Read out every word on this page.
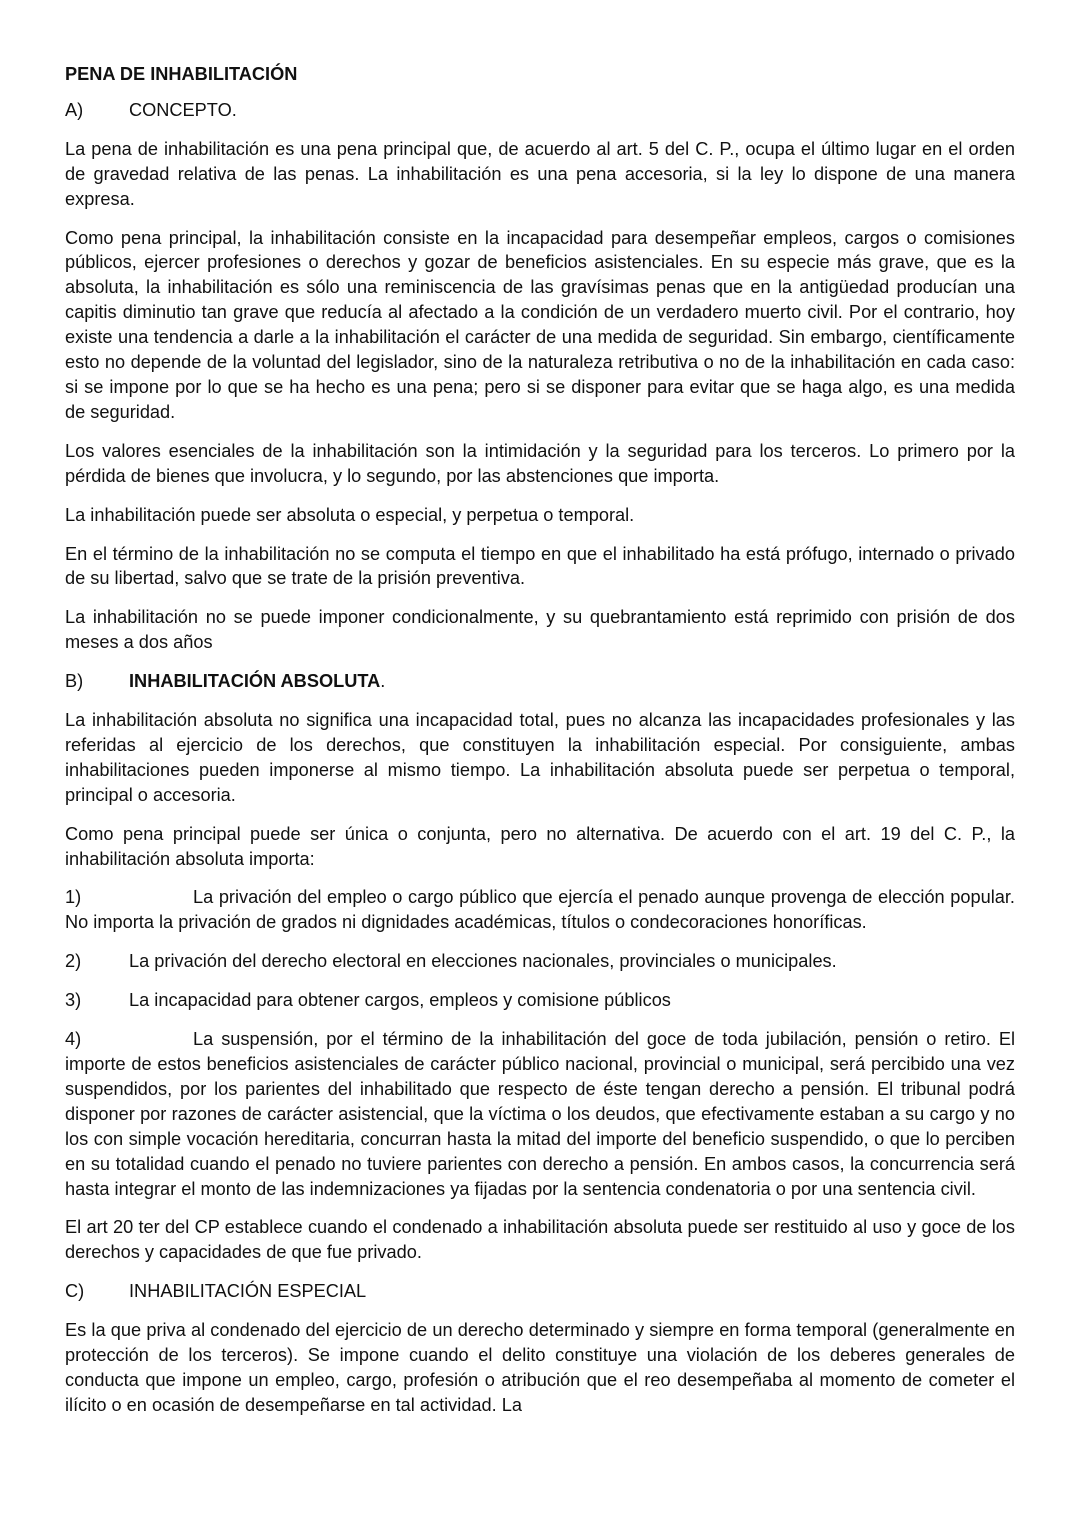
PENA DE INHABILITACIÓN
A)	CONCEPTO.

La pena de inhabilitación es una pena principal que, de acuerdo al art. 5 del C. P., ocupa el último lugar en el orden de gravedad relativa de las penas. La inhabilitación es una pena accesoria, si la ley lo dispone de una manera expresa.

Como pena principal, la inhabilitación consiste en la incapacidad para desempeñar empleos, cargos o comisiones públicos, ejercer profesiones o derechos y gozar de beneficios asistenciales. En su especie más grave, que es la absoluta, la inhabilitación es sólo una reminiscencia de las gravísimas penas que en la antigüedad producían una capitis diminutio tan grave que reducía al afectado a la condición de un verdadero muerto civil. Por el contrario, hoy existe una tendencia a darle a la inhabilitación el carácter de una medida de seguridad. Sin embargo, científicamente esto no depende de la voluntad del legislador, sino de la naturaleza retributiva o no de la inhabilitación en cada caso: si se impone por lo que se ha hecho es una pena; pero si se disponer para evitar que se haga algo, es una medida de seguridad.

Los valores esenciales de la inhabilitación son la intimidación y la seguridad para los terceros. Lo primero por la pérdida de bienes que involucra, y lo segundo, por las abstenciones que importa.

La inhabilitación puede ser absoluta o especial, y perpetua o temporal.

En el término de la inhabilitación no se computa el tiempo en que el inhabilitado ha está prófugo, internado o privado de su libertad, salvo que se trate de la prisión preventiva.

La inhabilitación no se puede imponer condicionalmente, y su quebrantamiento está reprimido con prisión de dos meses a dos años

B)	INHABILITACIÓN ABSOLUTA.

La inhabilitación absoluta no significa una incapacidad total, pues no alcanza las incapacidades profesionales y las referidas al ejercicio de los derechos, que constituyen la inhabilitación especial. Por consiguiente, ambas inhabilitaciones pueden imponerse al mismo tiempo. La inhabilitación absoluta puede ser perpetua o temporal, principal o accesoria.

Como pena principal puede ser única o conjunta, pero no alternativa. De acuerdo con el art. 19 del C. P., la inhabilitación absoluta importa:

1)	La privación del empleo o cargo público que ejercía el penado aunque provenga de elección popular. No importa la privación de grados ni dignidades académicas, títulos o condecoraciones honoríficas.
2)	La privación del derecho electoral en elecciones nacionales, provinciales o municipales.
3)	La incapacidad para obtener cargos, empleos y comisione públicos
4)	La suspensión, por el término de la inhabilitación del goce de toda jubilación, pensión o retiro. El importe de estos beneficios asistenciales de carácter público nacional, provincial o municipal, será percibido una vez suspendidos, por los parientes del inhabilitado que respecto de éste tengan derecho a pensión. El tribunal podrá disponer por razones de carácter asistencial, que la víctima o los deudos, que efectivamente estaban a su cargo y no los con simple vocación hereditaria, concurran hasta la mitad del importe del beneficio suspendido, o que lo perciben en su totalidad cuando el penado no tuviere parientes con derecho a pensión. En ambos casos, la concurrencia será hasta integrar el monto de las indemnizaciones ya fijadas por la sentencia condenatoria o por una sentencia civil.

El art 20 ter del CP establece cuando el condenado a inhabilitación absoluta puede ser restituido al uso y goce de los derechos y capacidades de que fue privado.

C)	INHABILITACIÓN ESPECIAL

Es la que priva al condenado del ejercicio de un derecho determinado y siempre en forma temporal (generalmente en protección de los terceros). Se impone cuando el delito constituye una violación de los deberes generales de conducta que impone un empleo, cargo, profesión o atribución que el reo desempeñaba al momento de cometer el ilícito o en ocasión de desempeñarse en tal actividad. La
